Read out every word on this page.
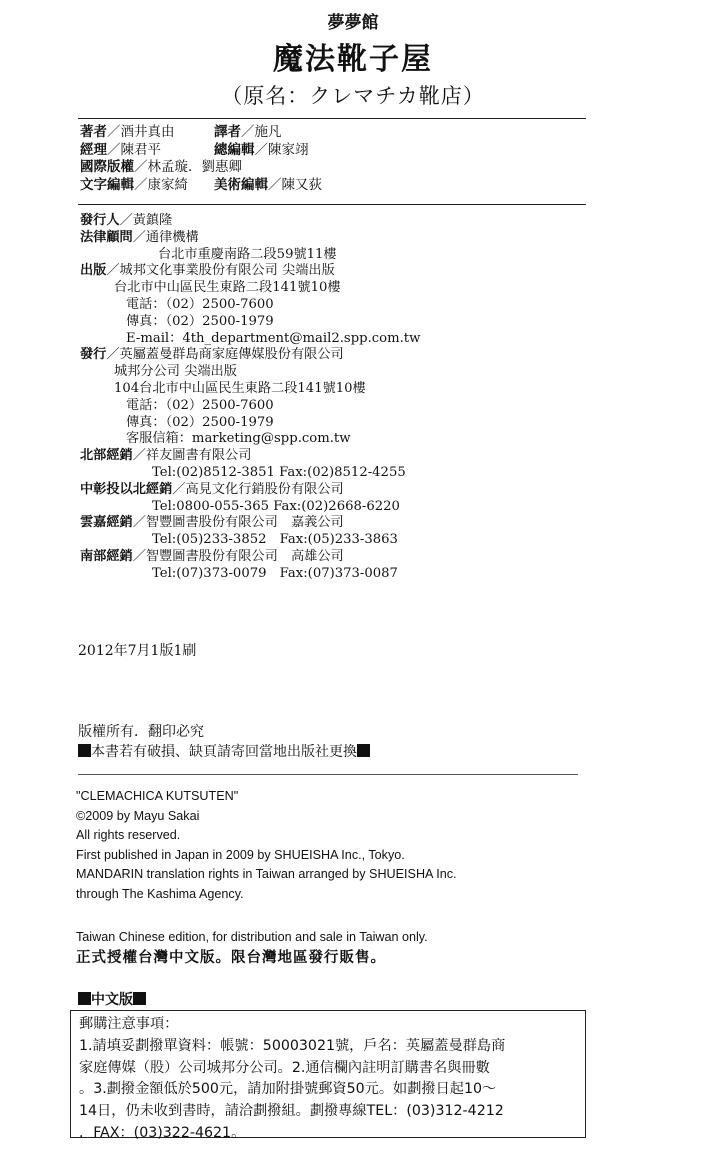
夢夢館
魔法靴子屋
（原名：クレマチカ靴店）
著者／酒井真由	譯者／施凡
經理／陳君平	總編輯／陳家翊
國際版權／林孟璇．劉惠卿
文字編輯／康家綺 美術編輯／陳又荻
發行人／黃鎮隆
法律顧問／通律機構
台北市重慶南路二段59號11樓
出版／城邦文化事業股份有限公司 尖端出版
台北市中山區民生東路二段141號10樓
電話：（02）2500-7600
傳真：（02）2500-1979
E-mail：4th_department@mail2.spp.com.tw
發行／英屬蓋曼群島商家庭傳媒股份有限公司
城邦分公司 尖端出版
104台北市中山區民生東路二段141號10樓
電話：（02）2500-7600
傳真：（02）2500-1979
客服信箱：marketing@spp.com.tw
北部經銷／祥友圖書有限公司
Tel:(02)8512-3851 Fax:(02)8512-4255
中彰投以北經銷／高見文化行銷股份有限公司
Tel:0800-055-365 Fax:(02)2668-6220
雲嘉經銷／智豐圖書股份有限公司　嘉義公司
Tel:(05)233-3852　Fax:(05)233-3863
南部經銷／智豐圖書股份有限公司　高雄公司
Tel:(07)373-0079　Fax:(07)373-0087
2012年7月1版1刷
版權所有．翻印必究
本書若有破損、缺頁請寄回當地出版社更換
"CLEMACHICA KUTSUTEN"
©2009 by Mayu Sakai
All rights reserved.
First published in Japan in 2009 by SHUEISHA Inc., Tokyo.
MANDARIN translation rights in Taiwan arranged by SHUEISHA Inc.
through The Kashima Agency.
Taiwan Chinese edition, for distribution and sale in Taiwan only.
正式授權台灣中文版。限台灣地區發行販售。
中文版
郵購注意事項：
1.請填妥劃撥單資料：帳號：50003021號，戶名：英屬蓋曼群島商
家庭傳媒（股）公司城邦分公司。2.通信欄內註明訂購書名與冊數
。3.劃撥金額低於500元，請加附掛號郵資50元。如劃撥日起10～
14日，仍未收到書時，請洽劃撥組。劃撥專線TEL：(03)312-4212
．FAX：(03)322-4621。
